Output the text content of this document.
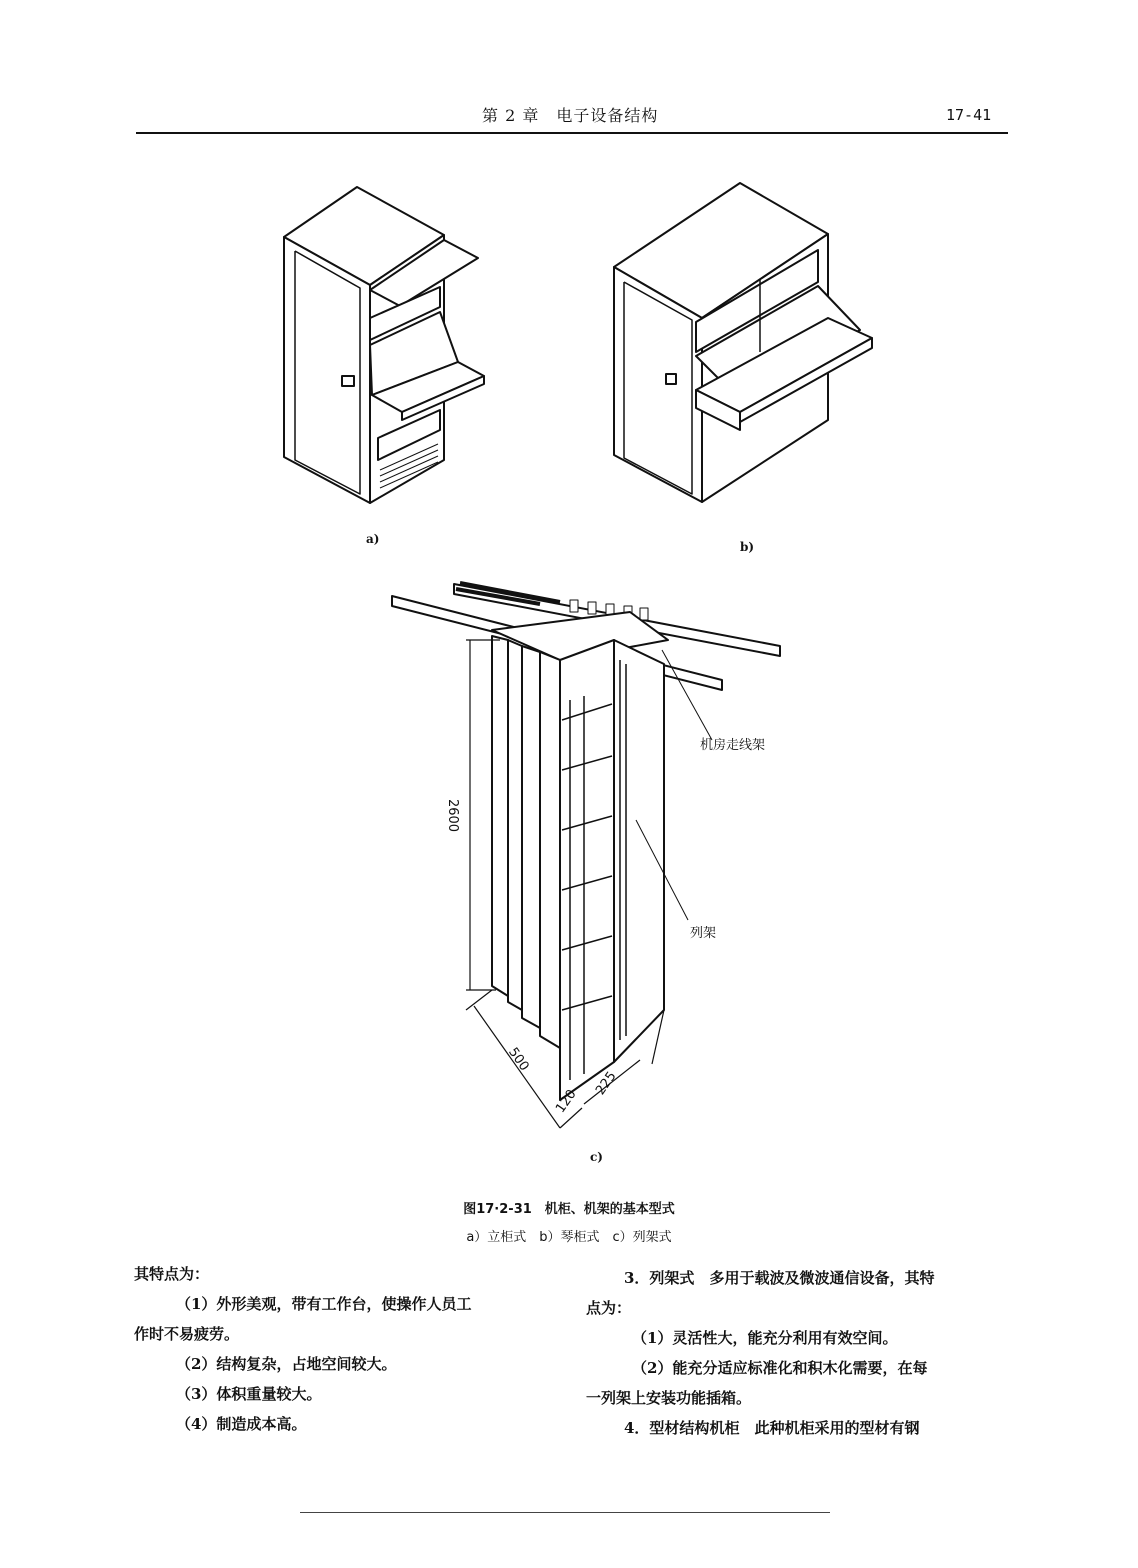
第 2 章　电子设备结构	17-41
a)
b)
c)
机房走线架
列架
2600
500
120
225
图17·2-31　机柜、机架的基本型式
a）立柜式　b）琴柜式　c）列架式
其特点为：
（1）外形美观，带有工作台，使操作人员工
作时不易疲劳。
（2）结构复杂，占地空间较大。
（3）体积重量较大。
（4）制造成本高。
3．列架式　多用于载波及微波通信设备，其特
点为：
（1）灵活性大，能充分利用有效空间。
（2）能充分适应标准化和积木化需要，在每
一列架上安装功能插箱。
4．型材结构机柜　此种机柜采用的型材有钢
